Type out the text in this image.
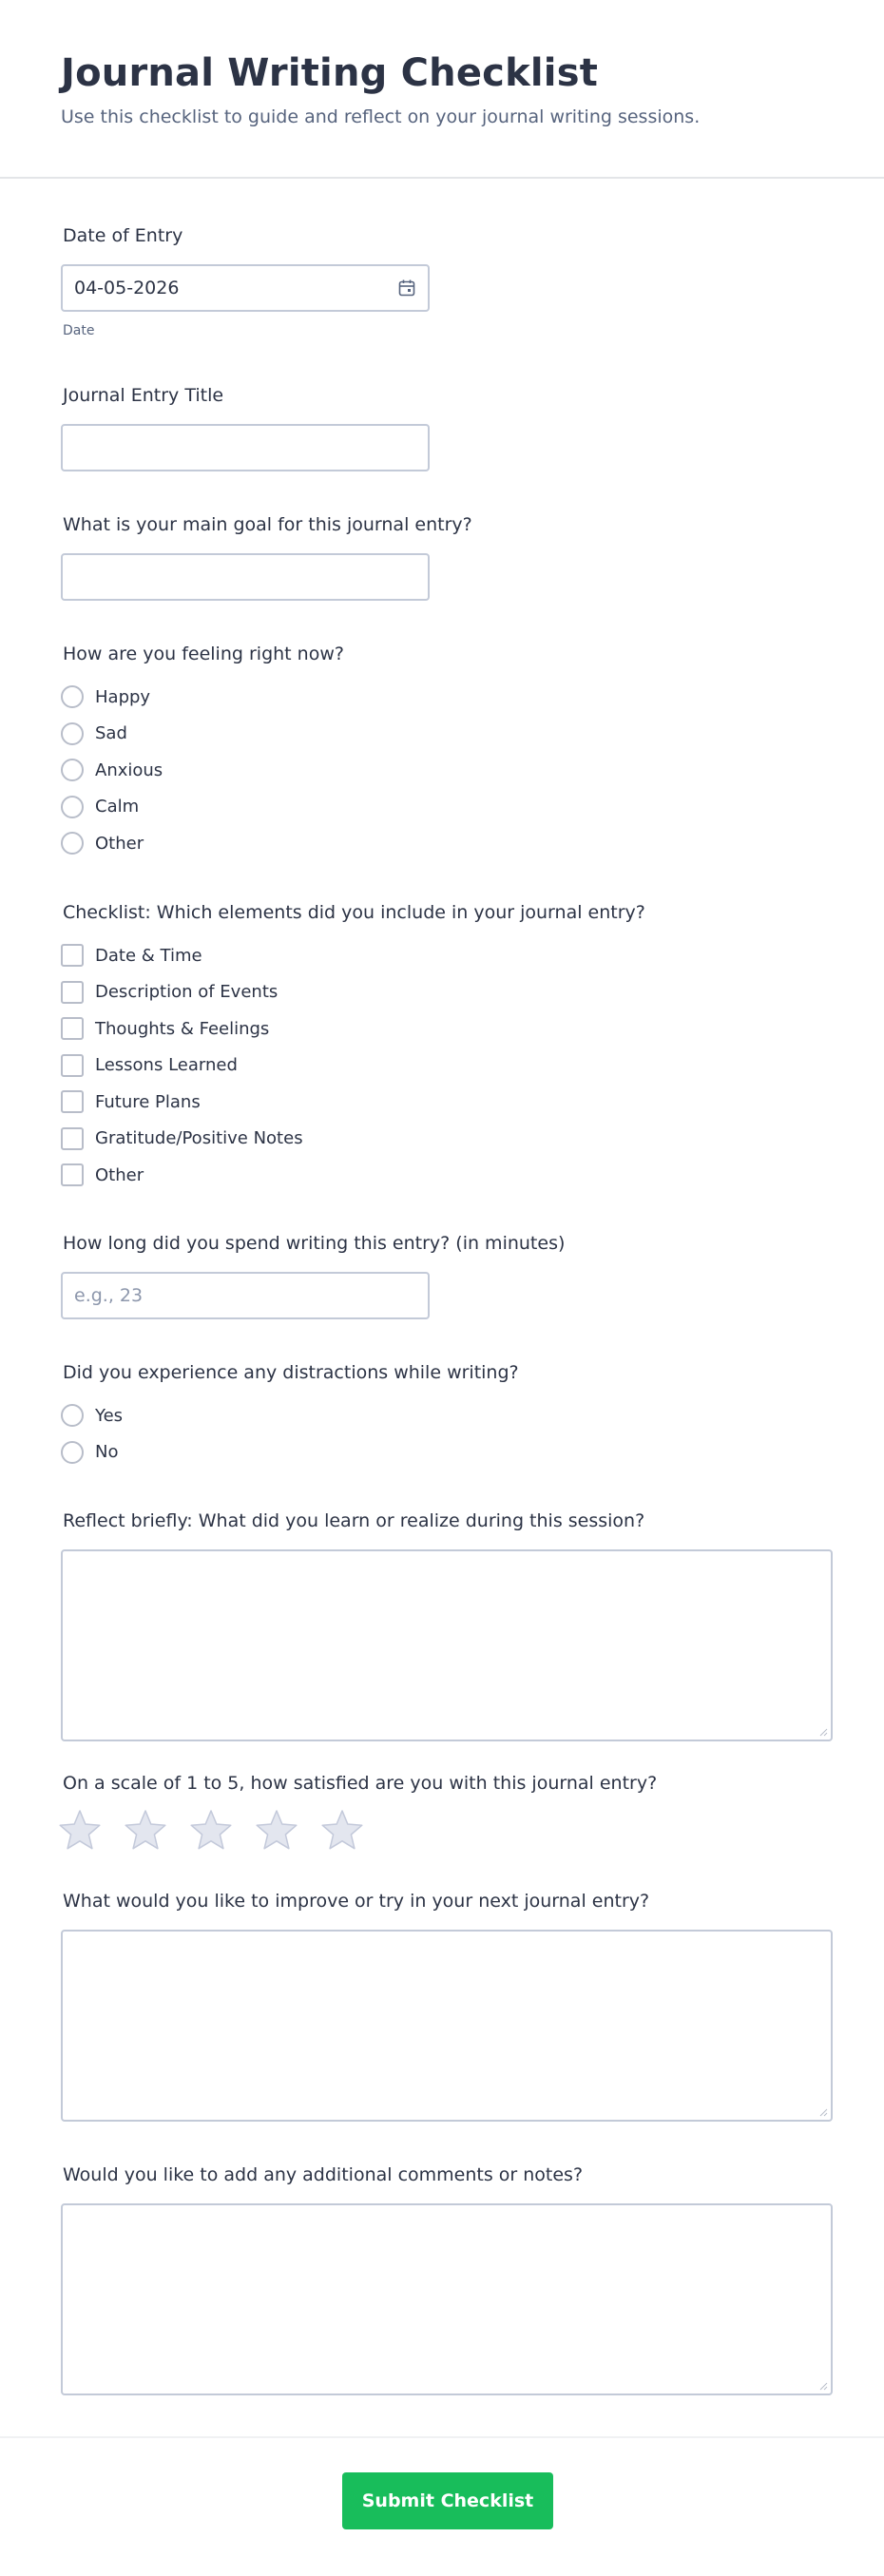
Journal Writing Checklist

Use this checklist to guide and reflect on your journal writing sessions.

Date of Entry
04-05-2026
Date
Journal Entry Title
What is your main goal for this journal entry?
How are you feeling right now?
Happy
Sad
Anxious
Calm
Other
Checklist: Which elements did you include in your journal entry?
Date & Time
Description of Events
Thoughts & Feelings
Lessons Learned
Future Plans
Gratitude/Positive Notes
Other
How long did you spend writing this entry? (in minutes)
e.g., 23
Did you experience any distractions while writing?
Yes
No
Reflect briefly: What did you learn or realize during this session?
On a scale of 1 to 5, how satisfied are you with this journal entry?
What would you like to improve or try in your next journal entry?
Would you like to add any additional comments or notes?
Submit Checklist
